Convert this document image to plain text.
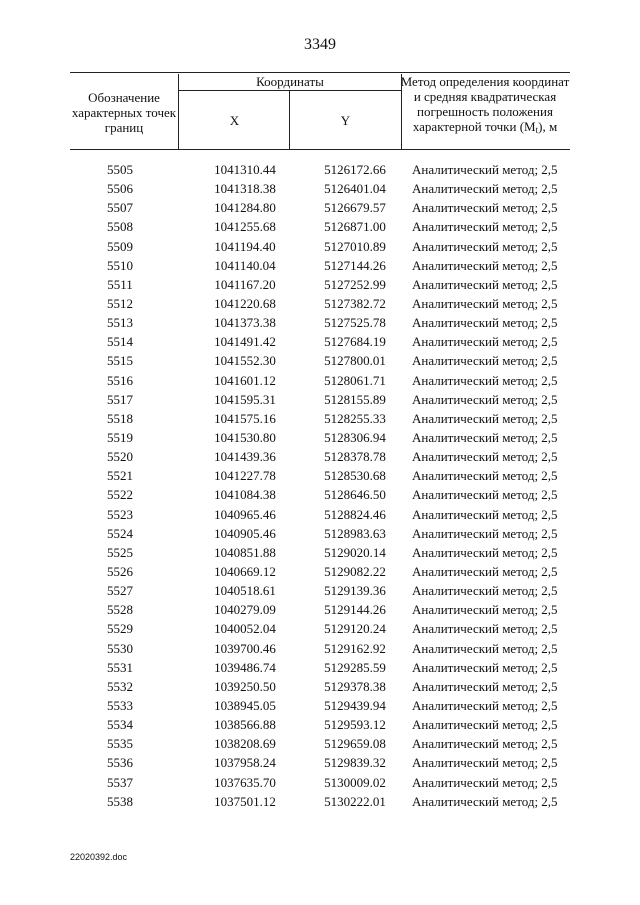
3349
Обозначение характерных точек границ
Координаты
X	Y
Метод определения координат и средняя квадратическая погрешность положения характерной точки $(M_t)$, м
5505	1041310.44	5126172.66	Аналитический метод; 2,5
5506	1041318.38	5126401.04	Аналитический метод; 2,5
5507	1041284.80	5126679.57	Аналитический метод; 2,5
5508	1041255.68	5126871.00	Аналитический метод; 2,5
5509	1041194.40	5127010.89	Аналитический метод; 2,5
5510	1041140.04	5127144.26	Аналитический метод; 2,5
5511	1041167.20	5127252.99	Аналитический метод; 2,5
5512	1041220.68	5127382.72	Аналитический метод; 2,5
5513	1041373.38	5127525.78	Аналитический метод; 2,5
5514	1041491.42	5127684.19	Аналитический метод; 2,5
5515	1041552.30	5127800.01	Аналитический метод; 2,5
5516	1041601.12	5128061.71	Аналитический метод; 2,5
5517	1041595.31	5128155.89	Аналитический метод; 2,5
5518	1041575.16	5128255.33	Аналитический метод; 2,5
5519	1041530.80	5128306.94	Аналитический метод; 2,5
5520	1041439.36	5128378.78	Аналитический метод; 2,5
5521	1041227.78	5128530.68	Аналитический метод; 2,5
5522	1041084.38	5128646.50	Аналитический метод; 2,5
5523	1040965.46	5128824.46	Аналитический метод; 2,5
5524	1040905.46	5128983.63	Аналитический метод; 2,5
5525	1040851.88	5129020.14	Аналитический метод; 2,5
5526	1040669.12	5129082.22	Аналитический метод; 2,5
5527	1040518.61	5129139.36	Аналитический метод; 2,5
5528	1040279.09	5129144.26	Аналитический метод; 2,5
5529	1040052.04	5129120.24	Аналитический метод; 2,5
5530	1039700.46	5129162.92	Аналитический метод; 2,5
5531	1039486.74	5129285.59	Аналитический метод; 2,5
5532	1039250.50	5129378.38	Аналитический метод; 2,5
5533	1038945.05	5129439.94	Аналитический метод; 2,5
5534	1038566.88	5129593.12	Аналитический метод; 2,5
5535	1038208.69	5129659.08	Аналитический метод; 2,5
5536	1037958.24	5129839.32	Аналитический метод; 2,5
5537	1037635.70	5130009.02	Аналитический метод; 2,5
5538	1037501.12	5130222.01	Аналитический метод; 2,5
22020392.doc
